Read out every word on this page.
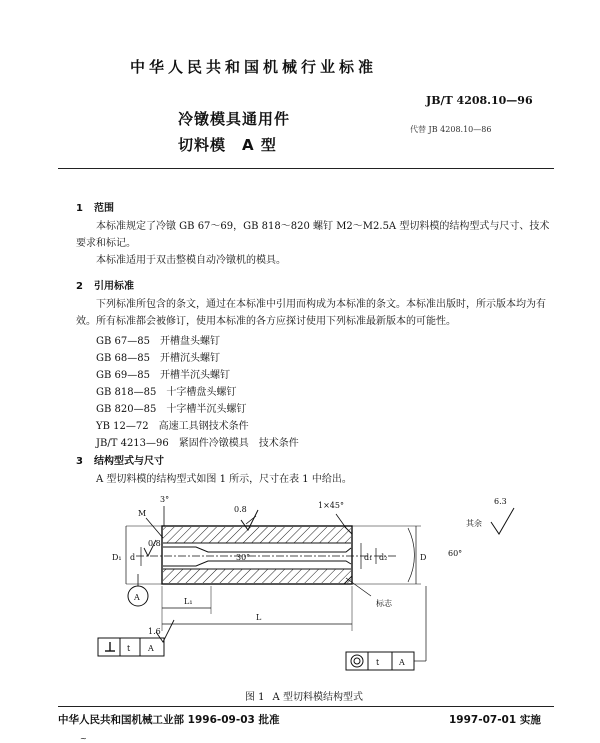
中华人民共和国机械行业标准
JB/T 4208.10—96
冷镦模具通用件
切料模 A 型
代替 JB 4208.10—86
1 范围
本标准规定了冷镦 GB 67～69，GB 818～820 螺钉 M2～M2.5A 型切料模的结构型式与尺寸、技术要求和标记。
本标准适用于双击整模自动冷镦机的模具。
2 引用标准
下列标准所包含的条文，通过在本标准中引用而构成为本标准的条文。本标准出版时，所示版本均为有效。所有标准都会被修订，使用本标准的各方应探讨使用下列标准最新版本的可能性。
GB 67—85　开槽盘头螺钉
GB 68—85　开槽沉头螺钉
GB 69—85　开槽半沉头螺钉
GB 818—85　十字槽盘头螺钉
GB 820—85　十字槽半沉头螺钉
YB 12—72　高速工具钢技术条件
JB/T 4213—96　紧固件冷镦模具　技术条件
3 结构型式与尺寸
A 型切料模的结构型式如图 1 所示，尺寸在表 1 中给出。
M
3°
0.8
0.8
1×45°	6.3
其余
30°	60°
D₁ d	d₁ d₂	D
A	L₁
L
1.6
标志
t A
t A
图 1 A 型切料模结构型式
中华人民共和国机械工业部 1996-09-03 批准	1997-07-01 实施
~
